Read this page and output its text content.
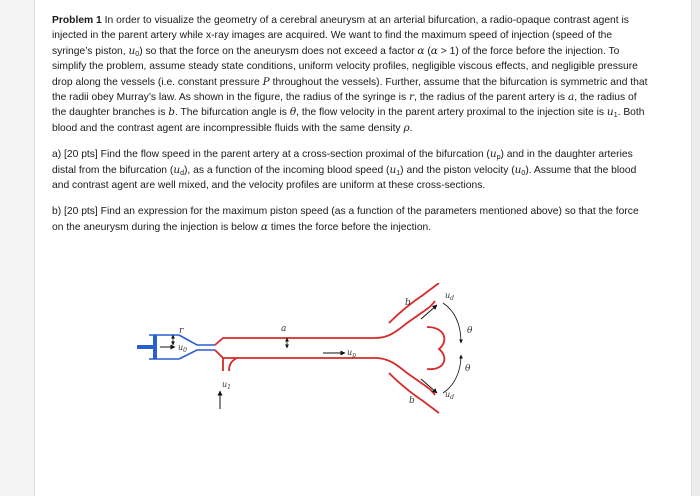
Problem 1 In order to visualize the geometry of a cerebral aneurysm at an arterial bifurcation, a radio-opaque contrast agent is injected in the parent artery while x-ray images are acquired. We want to find the maximum speed of injection (speed of the syringe’s piston, $u_0$) so that the force on the aneurysm does not exceed a factor α (α > 1) of the force before the injection. To simplify the problem, assume steady state conditions, uniform velocity profiles, negligible viscous effects, and negligible pressure drop along the vessels (i.e. constant pressure P throughout the vessels). Further, assume that the bifurcation is symmetric and that the radii obey Murray’s law. As shown in the figure, the radius of the syringe is r, the radius of the parent artery is a, the radius of the daughter branches is b. The bifurcation angle is θ, the flow velocity in the parent artery proximal to the injection site is $u_1$. Both blood and the contrast agent are incompressible fluids with the same density ρ.

a) [20 pts] Find the flow speed in the parent artery at a cross-section proximal of the bifurcation $(u_p)$ and in the daughter arteries distal from the bifurcation $(u_d)$, as a function of the incoming blood speed $(u_1)$ and the piston velocity $(u_0)$. Assume that the blood and contrast agent are well mixed, and the velocity profiles are uniform at these cross-sections.

b) [20 pts] Find an expression for the maximum piston speed (as a function of the parameters mentioned above) so that the force on the aneurysm during the injection is below α times the force before the injection.

r
$u_0$
a
$u_p$
$u_1$
b
b
$u_d$
$u_d$
θ
θ
